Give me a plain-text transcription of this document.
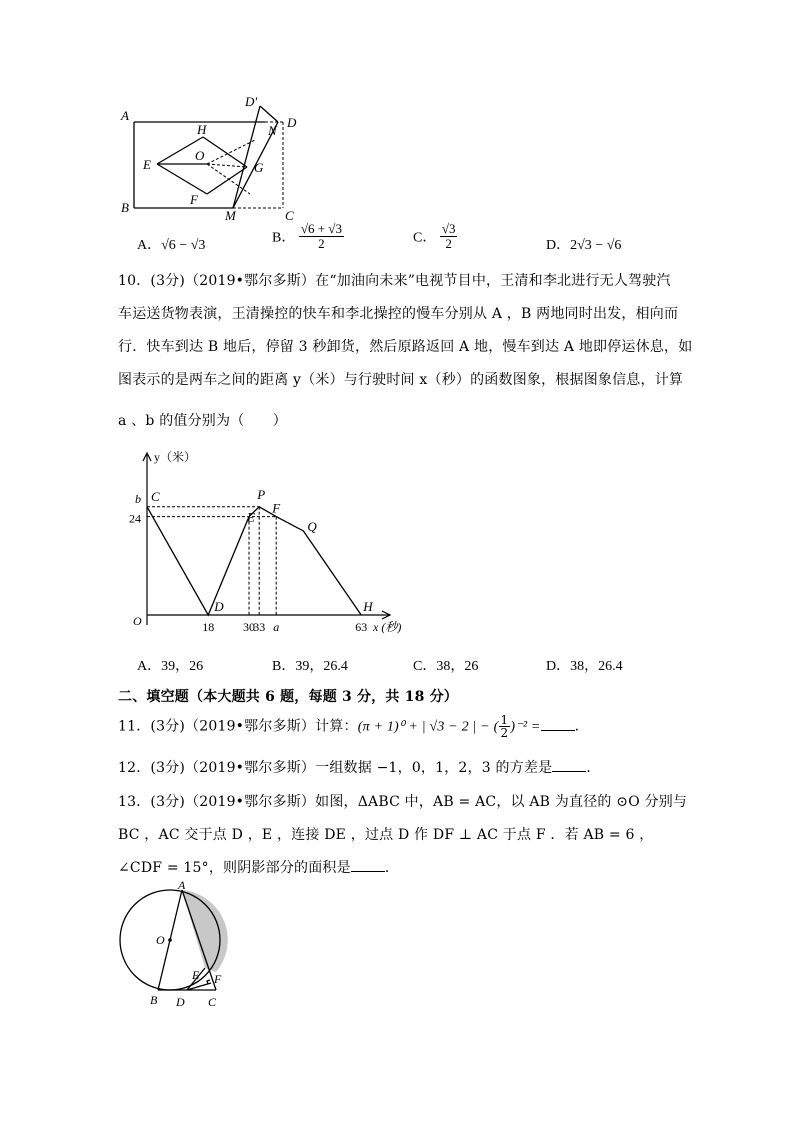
A
B
C
D
D′
N
H
O
E	G
F
M
A．√6 − √3	B． $\frac{√6 + √3}{2}$	C． $\frac{√3}{2}$	D．2√3 − √6
10．(3分)（2019•鄂尔多斯）在“加油向未来”电视节目中，王清和李北进行无人驾驶汽
车运送货物表演，王清操控的快车和李北操控的慢车分别从 A ，B 两地同时出发，相向而
行．快车到达 B 地后，停留 3 秒卸货，然后原路返回 A 地，慢车到达 A 地即停运休息，如
图表示的是两车之间的距离 y（米）与行驶时间 x（秒）的函数图象，根据图象信息，计算
a 、b 的值分别为（　　）
C
D
E
P
F
Q
H
18 30
33 a	63
b
24
y（米）
x (秒)
O
A．39，26	B．39，26.4	C．38，26	D．38，26.4
二、填空题（本大题共 6 题，每题 3 分，共 18 分）
11．(3分)（2019•鄂尔多斯）计算：(π + 1)⁰ + | √3 − 2 | − ( $\frac{1}{2} )^{-2}$ = ．
12．(3分)（2019•鄂尔多斯）一组数据 −1，0，1，2，3 的方差是 ．
13．(3分)（2019•鄂尔多斯）如图，ΔABC 中，AB = AC，以 AB 为直径的 ⊙O 分别与
BC ，AC 交于点 D ，E ，连接 DE ，过点 D 作 DF ⊥ AC 于点 F ．若 AB = 6 ，
∠CDF = 15°，则阴影部分的面积是 ．
A
O
E F
B D C
